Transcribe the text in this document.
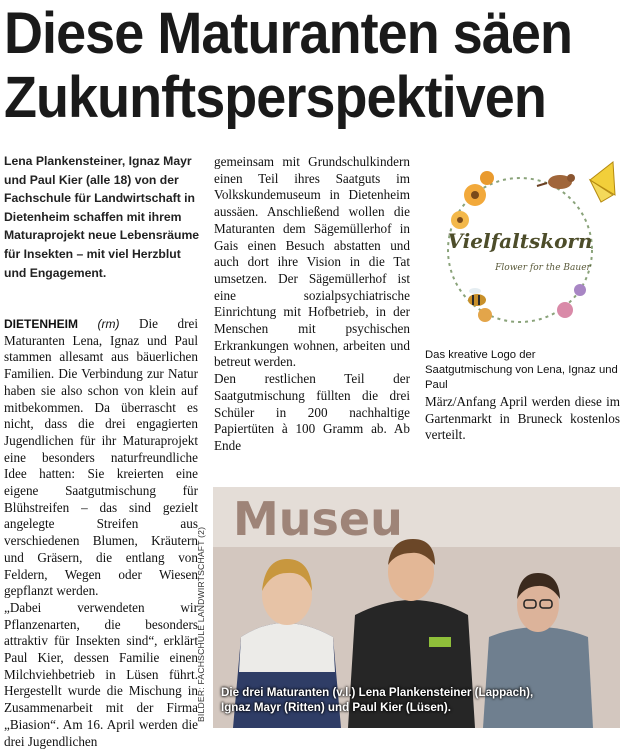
Diese Maturanten säen
Zukunftsperspektiven
Lena Plankensteiner, Ignaz Mayr und Paul Kier (alle 18) von der Fachschule für Landwirtschaft in Dietenheim schaffen mit ihrem Maturaprojekt neue Lebensräume für Insekten – mit viel Herzblut und Engagement.

DIETENHEIM (rm) Die drei Maturanten Lena, Ignaz und Paul stammen allesamt aus bäuerlichen Familien. Die Verbindung zur Natur haben sie also schon von klein auf mitbekommen. Da überrascht es nicht, dass die drei engagierten Jugendlichen für ihr Maturaprojekt eine besonders naturfreundliche Idee hatten: Sie kreierten eine eigene Saatgutmischung für Blühstreifen – das sind gezielt angelegte Streifen aus verschiedenen Blumen, Kräutern und Gräsern, die entlang von Feldern, Wegen oder Wiesen gepflanzt werden.

„Dabei verwendeten wir Pflanzenarten, die besonders attraktiv für Insekten sind“, erklärt Paul Kier, dessen Familie einen Milchviehbetrieb in Lüsen führt. Hergestellt wurde die Mischung in Zusammenarbeit mit der Firma „Biasion“. Am 16. April werden die drei Jugendlichen

gemeinsam mit Grundschulkindern einen Teil ihres Saatguts im Volkskundemuseum in Dietenheim aussäen. Anschließend wollen die Maturanten dem Sägemüllerhof in Gais einen Besuch abstatten und auch dort ihre Vision in die Tat umsetzen. Der Sägemüllerhof ist eine sozialpsychiatrische Einrichtung mit Hofbetrieb, in der Menschen mit psychischen Erkrankungen wohnen, arbeiten und betreut werden.

Den restlichen Teil der Saatgutmischung füllten die drei Schüler in 200 nachhaltige Papiertüten à 100 Gramm ab. Ab Ende

März/Anfang April werden diese im Gartenmarkt in Bruneck kostenlos verteilt.

Vielfaltskorn
Flower for the Bauer
Das kreative Logo der Saatgutmischung von Lena, Ignaz und Paul
BILDER: FACHSCHULE LANDWIRTSCHAFT (2)
Museu
Die drei Maturanten (v.l.) Lena Plankensteiner (Lappach), Ignaz Mayr (Ritten) und Paul Kier (Lüsen).
